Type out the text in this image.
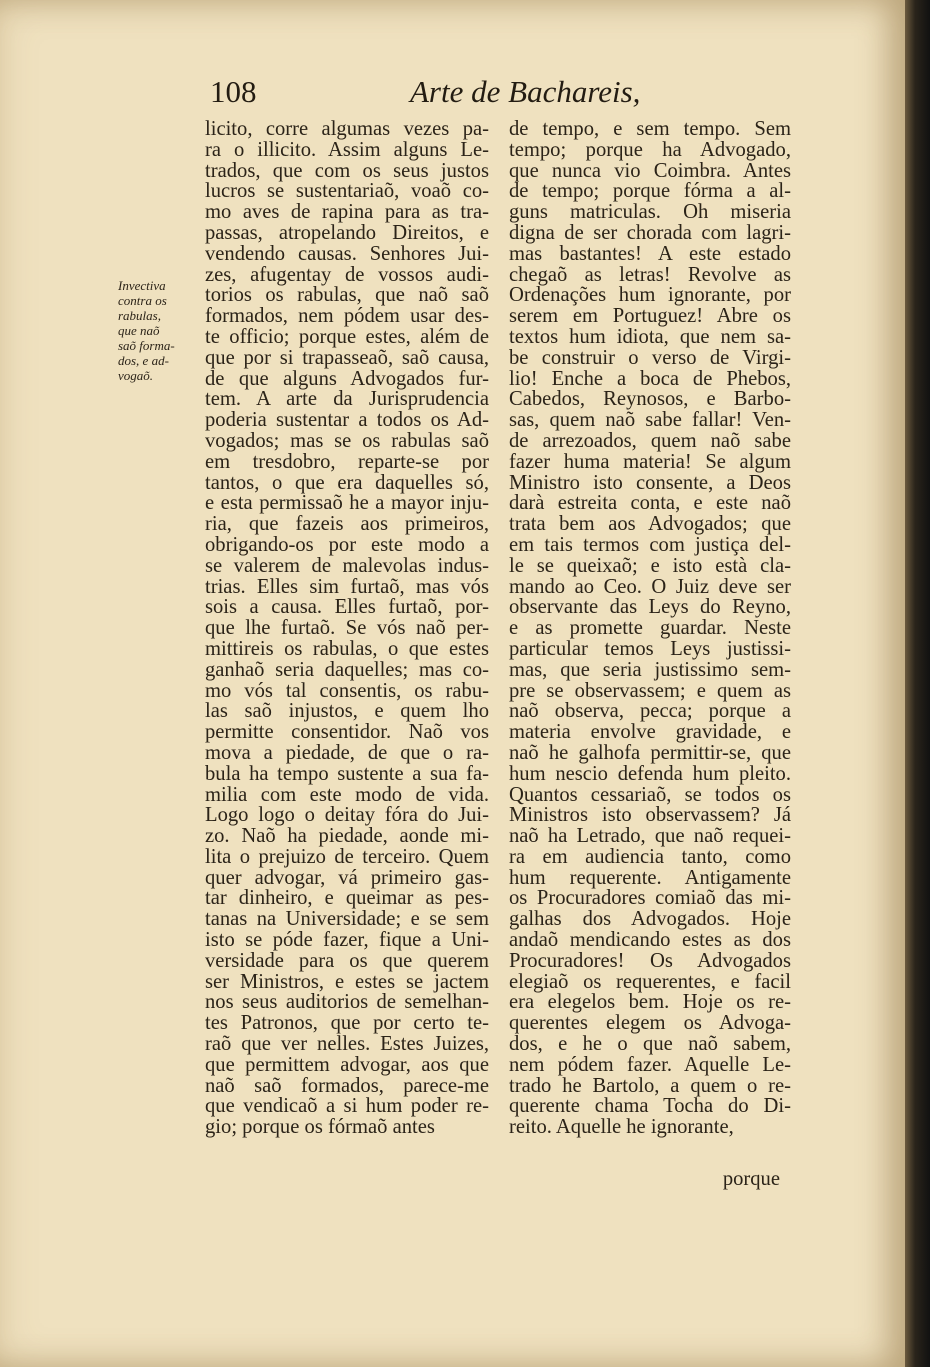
108	Arte de Bachareis,
Invectiva
contra os
rabulas,
que naõ
saõ forma-
dos, e ad-
vogaõ.
licito, corre algumas vezes pa-
ra o illicito. Assim alguns Le-
trados, que com os seus justos
lucros se sustentariaõ, voaõ co-
mo aves de rapina para as tra-
passas, atropelando Direitos, e
vendendo causas. Senhores Jui-
zes, afugentay de vossos audi-
torios os rabulas, que naõ saõ
formados, nem pódem usar des-
te officio; porque estes, além de
que por si trapasseaõ, saõ causa,
de que alguns Advogados fur-
tem. A arte da Jurisprudencia
poderia sustentar a todos os Ad-
vogados; mas se os rabulas saõ
em tresdobro, reparte-se por
tantos, o que era daquelles só,
e esta permissaõ he a mayor inju-
ria, que fazeis aos primeiros,
obrigando-os por este modo a
se valerem de malevolas indus-
trias. Elles sim furtaõ, mas vós
sois a causa. Elles furtaõ, por-
que lhe furtaõ. Se vós naõ per-
mittireis os rabulas, o que estes
ganhaõ seria daquelles; mas co-
mo vós tal consentis, os rabu-
las saõ injustos, e quem lho
permitte consentidor. Naõ vos
mova a piedade, de que o ra-
bula ha tempo sustente a sua fa-
milia com este modo de vida.
Logo logo o deitay fóra do Jui-
zo. Naõ ha piedade, aonde mi-
lita o prejuizo de terceiro. Quem
quer advogar, vá primeiro gas-
tar dinheiro, e queimar as pes-
tanas na Universidade; e se sem
isto se póde fazer, fique a Uni-
versidade para os que querem
ser Ministros, e estes se jactem
nos seus auditorios de semelhan-
tes Patronos, que por certo te-
raõ que ver nelles. Estes Juizes,
que permittem advogar, aos que
naõ saõ formados, parece-me
que vendicaõ a si hum poder re-
gio; porque os fórmaõ antes
de tempo, e sem tempo. Sem
tempo; porque ha Advogado,
que nunca vio Coimbra. Antes
de tempo; porque fórma a al-
guns matriculas. Oh miseria
digna de ser chorada com lagri-
mas bastantes! A este estado
chegaõ as letras! Revolve as
Ordenações hum ignorante, por
serem em Portuguez! Abre os
textos hum idiota, que nem sa-
be construir o verso de Virgi-
lio! Enche a boca de Phebos,
Cabedos, Reynosos, e Barbo-
sas, quem naõ sabe fallar! Ven-
de arrezoados, quem naõ sabe
fazer huma materia! Se algum
Ministro isto consente, a Deos
darà estreita conta, e este naõ
trata bem aos Advogados; que
em tais termos com justiça del-
le se queixaõ; e isto està cla-
mando ao Ceo. O Juiz deve ser
observante das Leys do Reyno,
e as promette guardar. Neste
particular temos Leys justissi-
mas, que seria justissimo sem-
pre se observassem; e quem as
naõ observa, pecca; porque a
materia envolve gravidade, e
naõ he galhofa permittir-se, que
hum nescio defenda hum pleito.
Quantos cessariaõ, se todos os
Ministros isto observassem? Já
naõ ha Letrado, que naõ requei-
ra em audiencia tanto, como
hum requerente. Antigamente
os Procuradores comiaõ das mi-
galhas dos Advogados. Hoje
andaõ mendicando estes as dos
Procuradores! Os Advogados
elegiaõ os requerentes, e facil
era elegelos bem. Hoje os re-
querentes elegem os Advoga-
dos, e he o que naõ sabem,
nem pódem fazer. Aquelle Le-
trado he Bartolo, a quem o re-
querente chama Tocha do Di-
reito. Aquelle he ignorante,
porque
